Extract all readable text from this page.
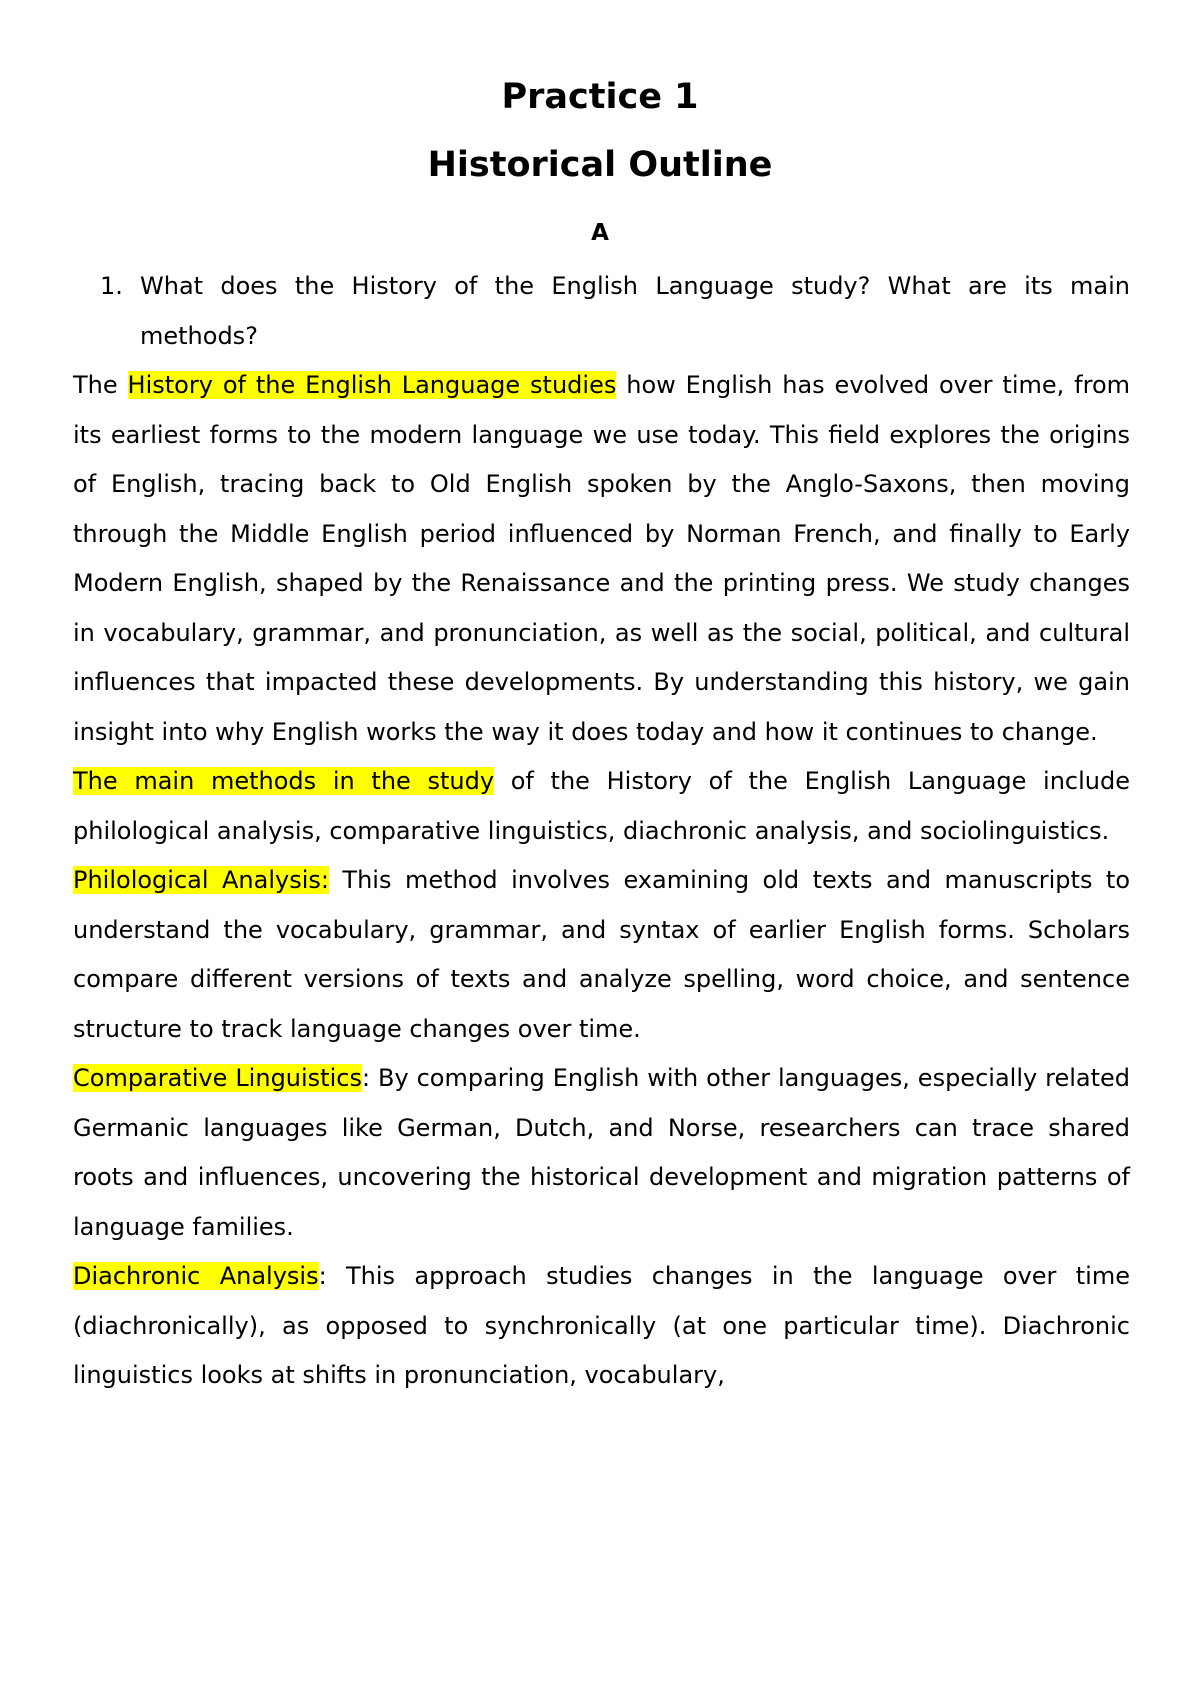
Practice 1
Historical Outline
A
1. What does the History of the English Language study? What are its main methods?

The History of the English Language studies how English has evolved over time, from its earliest forms to the modern language we use today. This field explores the origins of English, tracing back to Old English spoken by the Anglo-Saxons, then moving through the Middle English period influenced by Norman French, and finally to Early Modern English, shaped by the Renaissance and the printing press. We study changes in vocabulary, grammar, and pronunciation, as well as the social, political, and cultural influences that impacted these developments. By understanding this history, we gain insight into why English works the way it does today and how it continues to change.

The main methods in the study of the History of the English Language include philological analysis, comparative linguistics, diachronic analysis, and sociolinguistics.

Philological Analysis: This method involves examining old texts and manuscripts to understand the vocabulary, grammar, and syntax of earlier English forms. Scholars compare different versions of texts and analyze spelling, word choice, and sentence structure to track language changes over time.

Comparative Linguistics: By comparing English with other languages, especially related Germanic languages like German, Dutch, and Norse, researchers can trace shared roots and influences, uncovering the historical development and migration patterns of language families.

Diachronic Analysis: This approach studies changes in the language over time (diachronically), as opposed to synchronically (at one particular time). Diachronic linguistics looks at shifts in pronunciation, vocabulary,
